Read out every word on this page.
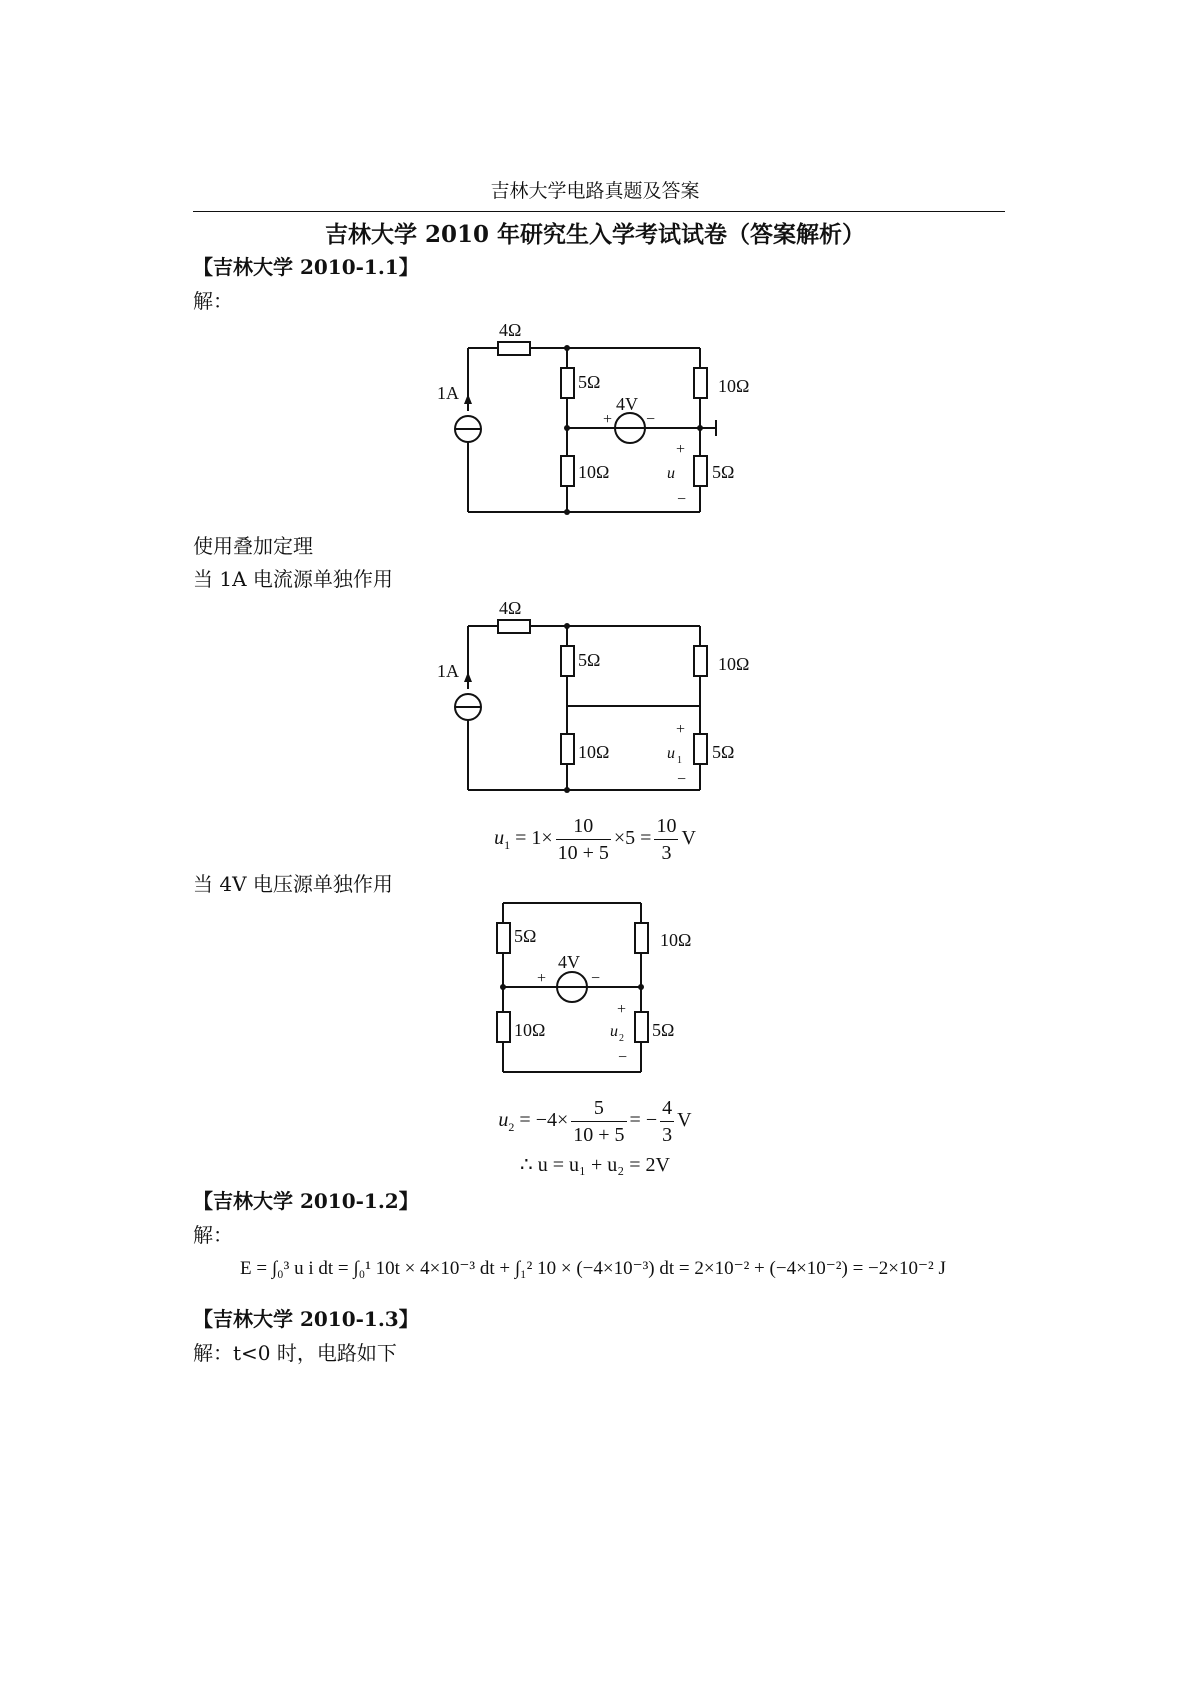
吉林大学电路真题及答案
吉林大学 2010 年研究生入学考试试卷（答案解析）
【吉林大学 2010-1.1】
解：
4Ω
5Ω	10Ω
1A
4V
+ −
10Ω	5Ω
+
u
−
使用叠加定理
当 1A 电流源单独作用
4Ω
5Ω	10Ω
1A
10Ω	5Ω
+
u 1
−
$u_1 = 1\times \frac{10}{10 + 5} \times 5 = \frac{10}{3}$ V
当 4V 电压源单独作用
5Ω	10Ω
4V
+	−
10Ω	5Ω
+
u 2
−
$u_2 = -4\times \frac{5}{10 + 5}$ = − $\frac{4}{3}$ V
∴ u = u₁ + u₂ = 2V
【吉林大学 2010-1.2】
解：
E = ∫₀³ u i dt = ∫₀¹ 10t × 4×10⁻³ dt + ∫₁² 10 × (−4×10⁻³) dt = 2×10⁻² + (−4×10⁻²) = −2×10⁻² J
【吉林大学 2010-1.3】
解：t<0 时，电路如下
